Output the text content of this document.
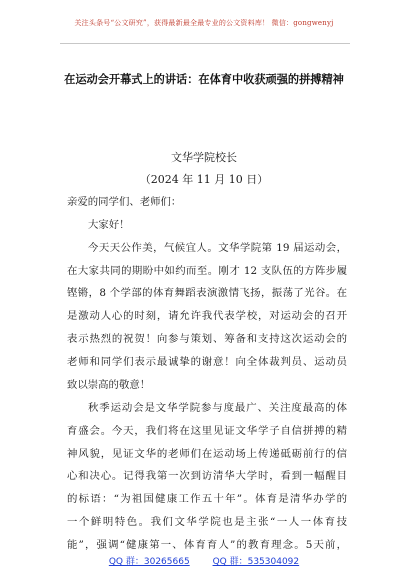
关注头条号“公文研究”，获得最新最全最专业的公文资料库！ 微信：gongwenyj
在运动会开幕式上的讲话：在体育中收获顽强的拼搏精神
文华学院校长
（2024 年 11 月 10 日）
亲爱的同学们、老师们：
大家好！
今天天公作美，气候宜人。文华学院第 19 届运动会，
在大家共同的期盼中如约而至。刚才 12 支队伍的方阵步履
铿锵，8 个学部的体育舞蹈表演激情飞扬，振荡了光谷。在
是激动人心的时刻，请允许我代表学校，对运动会的召开
表示热烈的祝贺！向参与策划、筹备和支持这次运动会的
老师和同学们表示最诚挚的谢意！向全体裁判员、运动员
致以崇高的敬意！
秋季运动会是文华学院参与度最广、关注度最高的体
育盛会。今天，我们将在这里见证文华学子自信拼搏的精
神风貌，见证文华的老师们在运动场上传递砥砺前行的信
心和决心。记得我第一次到访清华大学时，看到一幅醒目
的标语：“为祖国健康工作五十年”。体育是清华办学的
一个鲜明特色。我们文华学院也是主张“一人一体育技
能”，强调“健康第一、体育育人”的教育理念。5天前，
QQ 群：30265665	QQ 群：535304092
